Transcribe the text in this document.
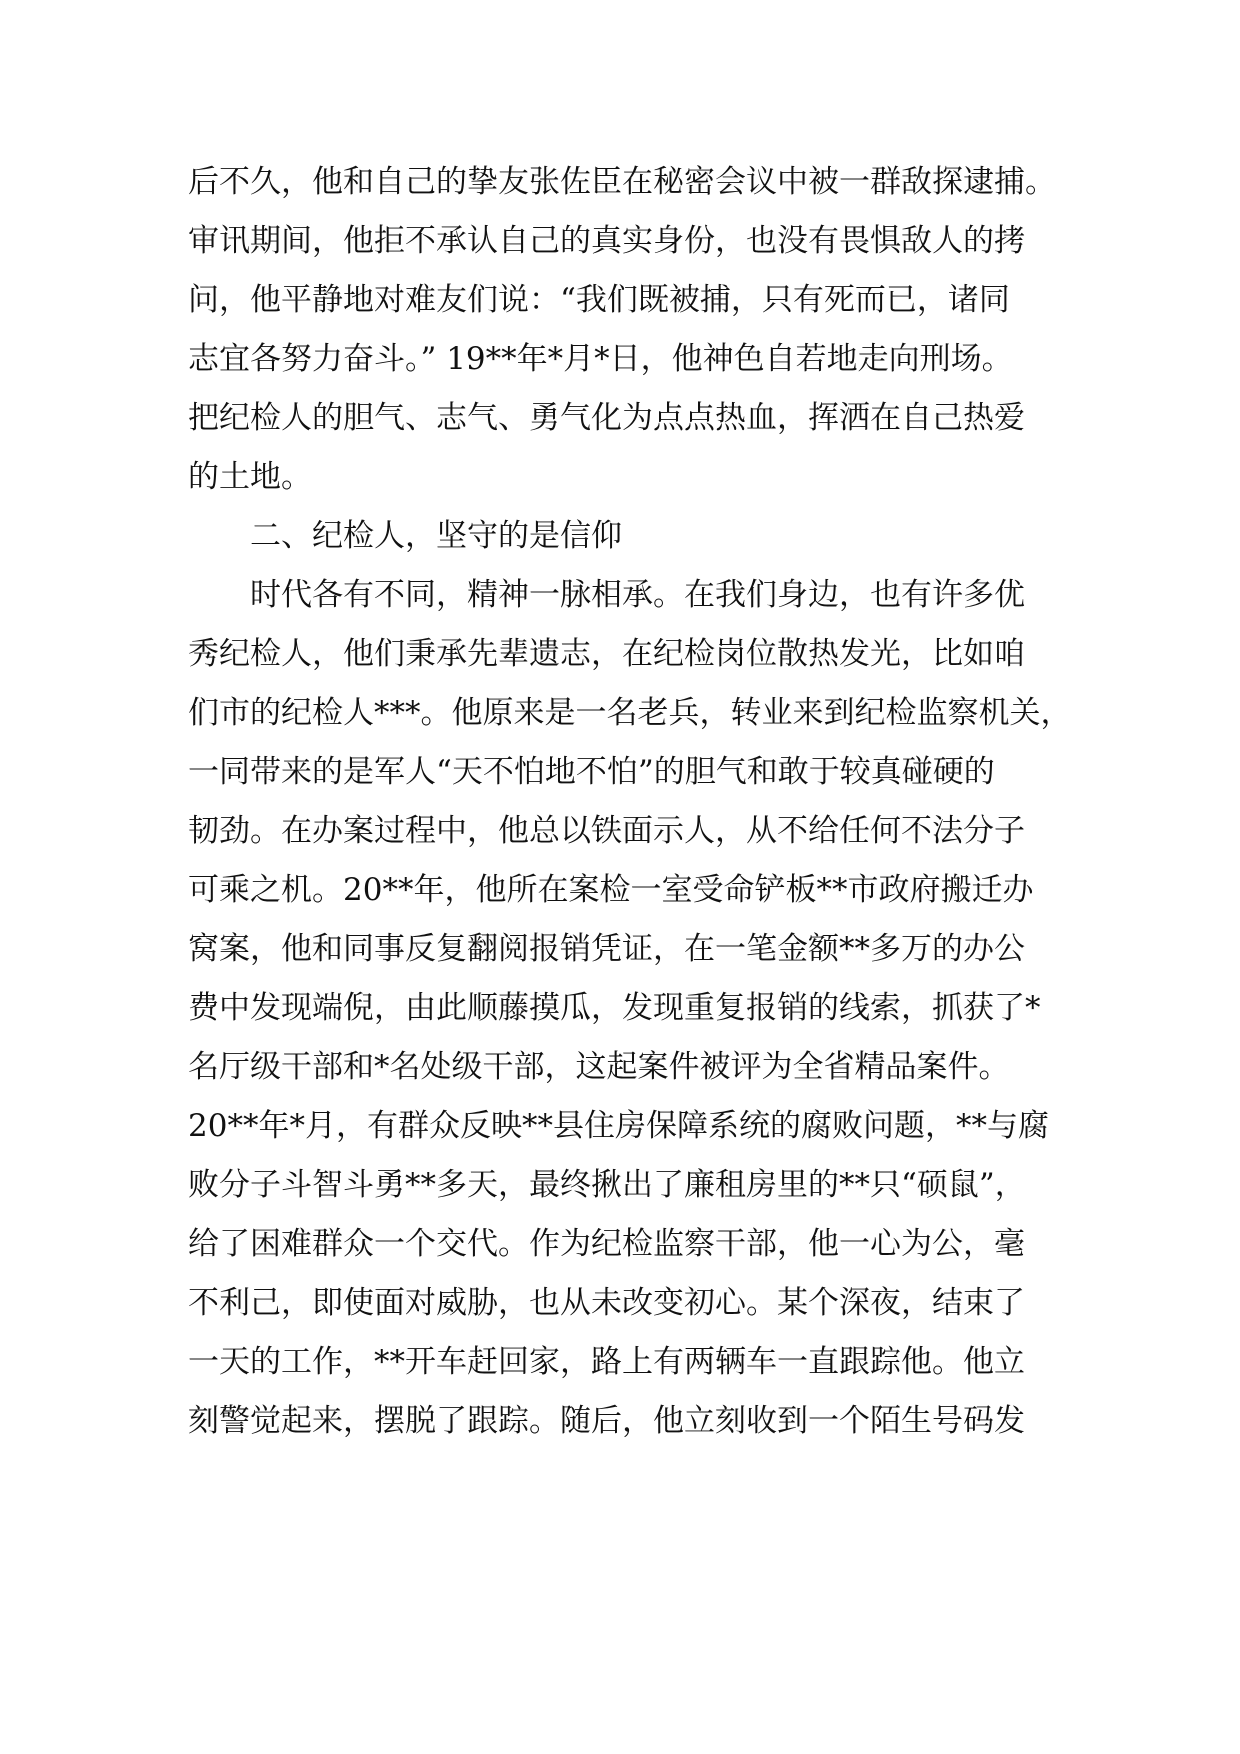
后不久，他和自己的挚友张佐臣在秘密会议中被一群敌探逮捕。

审讯期间，他拒不承认自己的真实身份，也没有畏惧敌人的拷

问，他平静地对难友们说：“我们既被捕，只有死而已，诸同

志宜各努力奋斗。” 19**年*月*日，他神色自若地走向刑场。

把纪检人的胆气、志气、勇气化为点点热血，挥洒在自己热爱

的土地。

二、纪检人，坚守的是信仰

时代各有不同，精神一脉相承。在我们身边，也有许多优

秀纪检人，他们秉承先辈遗志，在纪检岗位散热发光，比如咱

们市的纪检人***。他原来是一名老兵，转业来到纪检监察机关，

一同带来的是军人“天不怕地不怕”的胆气和敢于较真碰硬的

韧劲。在办案过程中，他总以铁面示人，从不给任何不法分子

可乘之机。20**年，他所在案检一室受命铲板**市政府搬迁办

窝案，他和同事反复翻阅报销凭证，在一笔金额**多万的办公

费中发现端倪，由此顺藤摸瓜，发现重复报销的线索，抓获了*

名厅级干部和*名处级干部，这起案件被评为全省精品案件。

20**年*月，有群众反映**县住房保障系统的腐败问题，**与腐

败分子斗智斗勇**多天，最终揪出了廉租房里的**只“硕鼠”，

给了困难群众一个交代。作为纪检监察干部，他一心为公，毫

不利己，即使面对威胁，也从未改变初心。某个深夜，结束了

一天的工作，**开车赶回家，路上有两辆车一直跟踪他。他立

刻警觉起来，摆脱了跟踪。随后，他立刻收到一个陌生号码发
